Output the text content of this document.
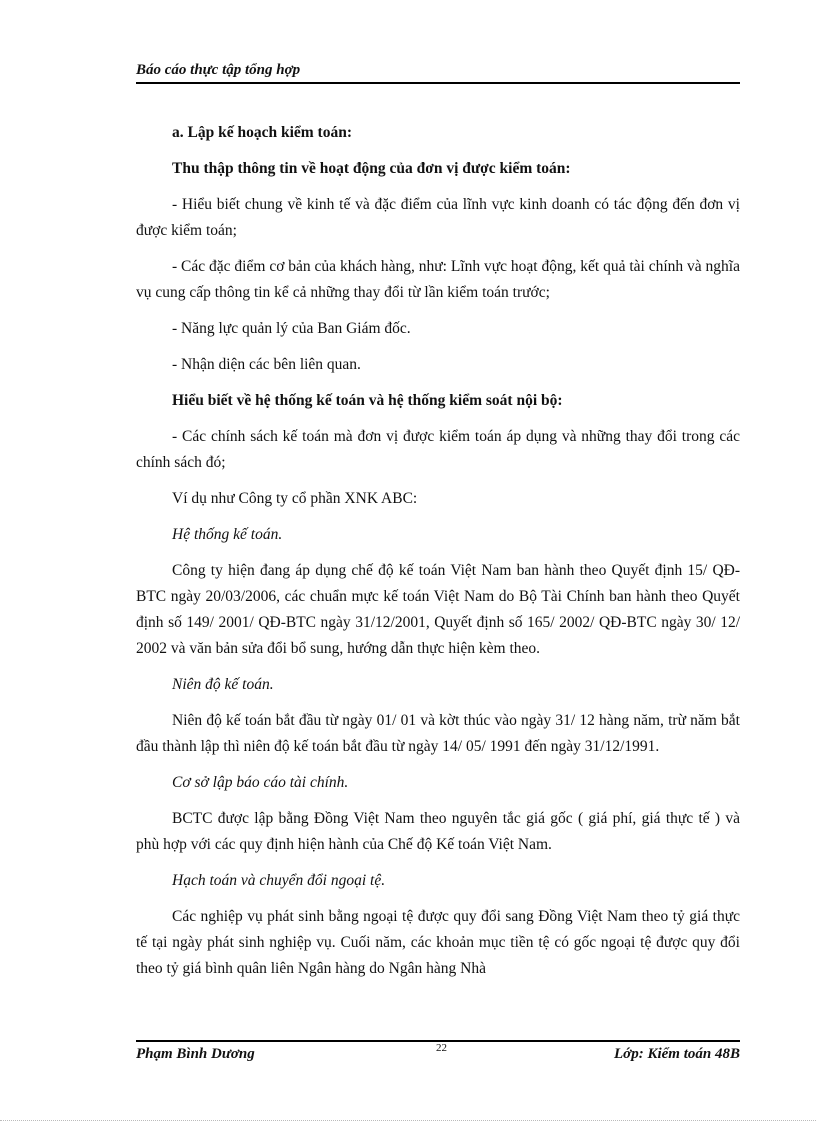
Báo cáo thực tập tổng hợp

a. Lập kế hoạch kiểm toán:

Thu thập thông tin về hoạt động của đơn vị được kiểm toán:

- Hiểu biết chung về kinh tế và đặc điểm của lĩnh vực kinh doanh có tác động đến đơn vị được kiểm toán;

- Các đặc điểm cơ bản của khách hàng, như: Lĩnh vực hoạt động, kết quả tài chính và nghĩa vụ cung cấp thông tin kể cả những thay đổi từ lần kiểm toán trước;

- Năng lực quản lý của Ban Giám đốc.

- Nhận diện các bên liên quan.

Hiểu biết về hệ thống kế toán và hệ thống kiểm soát nội bộ:

- Các chính sách kế toán mà đơn vị được kiểm toán áp dụng và những thay đổi trong các chính sách đó;

Ví dụ như Công ty cổ phần XNK ABC:

Hệ thống kế toán.

Công ty hiện đang áp dụng chế độ kế toán Việt Nam ban hành theo Quyết định 15/ QĐ-BTC ngày 20/03/2006, các chuẩn mực kế toán Việt Nam do Bộ Tài Chính ban hành theo Quyết định số 149/ 2001/ QĐ-BTC ngày 31/12/2001, Quyết định số 165/ 2002/ QĐ-BTC ngày 30/ 12/ 2002 và văn bản sửa đổi bổ sung, hướng dẫn thực hiện kèm theo.

Niên độ kế toán.

Niên độ kế toán bắt đầu từ ngày 01/ 01 và kờt thúc vào ngày 31/ 12 hàng năm, trừ năm bắt đầu thành lập thì niên độ kế toán bắt đầu từ ngày 14/ 05/ 1991 đến ngày 31/12/1991.

Cơ sở lập báo cáo tài chính.

BCTC được lập bằng Đồng Việt Nam theo nguyên tắc giá gốc ( giá phí, giá thực tế ) và phù hợp với các quy định hiện hành của Chế độ Kế toán Việt Nam.

Hạch toán và chuyển đổi ngoại tệ.

Các nghiệp vụ phát sinh bằng ngoại tệ được quy đổi sang Đồng Việt Nam theo tỷ giá thực tế tại ngày phát sinh nghiệp vụ. Cuối năm, các khoản mục tiền tệ có gốc ngoại tệ được quy đổi theo tỷ giá bình quân liên Ngân hàng do Ngân hàng Nhà

Phạm Bình Dương	22	Lớp: Kiểm toán 48B
